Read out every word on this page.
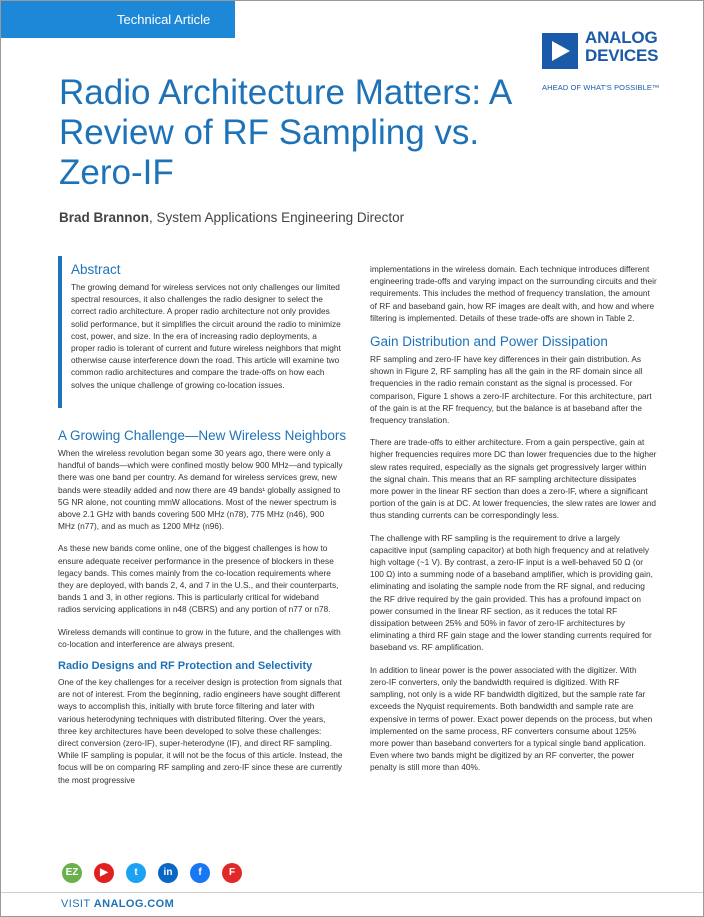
Technical Article
ANALOG
DEVICES
AHEAD OF WHAT'S POSSIBLE™
Radio Architecture Matters: A Review of RF Sampling vs. Zero-IF
Brad Brannon, System Applications Engineering Director
Abstract

The growing demand for wireless services not only challenges our limited spectral resources, it also challenges the radio designer to select the correct radio architecture. A proper radio architecture not only provides solid performance, but it simplifies the circuit around the radio to minimize cost, power, and size. In the era of increasing radio deployments, a proper radio is tolerant of current and future wireless neighbors that might otherwise cause interference down the road. This article will examine two common radio architectures and compare the trade-offs on how each solves the unique challenge of growing co-location issues.

A Growing Challenge—New Wireless Neighbors

When the wireless revolution began some 30 years ago, there were only a handful of bands—which were confined mostly below 900 MHz—and typically there was one band per country. As demand for wireless services grew, new bands were steadily added and now there are 49 bands¹ globally assigned to 5G NR alone, not counting mmW allocations. Most of the newer spectrum is above 2.1 GHz with bands covering 500 MHz (n78), 775 MHz (n46), 900 MHz (n77), and as much as 1200 MHz (n96).

As these new bands come online, one of the biggest challenges is how to ensure adequate receiver performance in the presence of blockers in these legacy bands. This comes mainly from the co-location requirements where they are deployed, with bands 2, 4, and 7 in the U.S., and their counterparts, bands 1 and 3, in other regions. This is particularly critical for wideband radios servicing applications in n48 (CBRS) and any portion of n77 or n78.

Wireless demands will continue to grow in the future, and the challenges with co-location and interference are always present.

Radio Designs and RF Protection and Selectivity

One of the key challenges for a receiver design is protection from signals that are not of interest. From the beginning, radio engineers have sought different ways to accomplish this, initially with brute force filtering and later with various heterodyning techniques with distributed filtering. Over the years, three key architectures have been developed to solve these challenges: direct conversion (zero-IF), super-heterodyne (IF), and direct RF sampling. While IF sampling is popular, it will not be the focus of this article. Instead, the focus will be on comparing RF sampling and zero-IF since these are currently the most progressive

implementations in the wireless domain. Each technique introduces different engineering trade-offs and varying impact on the surrounding circuits and their requirements. This includes the method of frequency translation, the amount of RF and baseband gain, how RF images are dealt with, and how and where filtering is implemented. Details of these trade-offs are shown in Table 2.

Gain Distribution and Power Dissipation

RF sampling and zero-IF have key differences in their gain distribution. As shown in Figure 2, RF sampling has all the gain in the RF domain since all frequencies in the radio remain constant as the signal is processed. For comparison, Figure 1 shows a zero-IF architecture. For this architecture, part of the gain is at the RF frequency, but the balance is at baseband after the frequency translation.

There are trade-offs to either architecture. From a gain perspective, gain at higher frequencies requires more DC than lower frequencies due to the higher slew rates required, especially as the signals get progressively larger within the signal chain. This means that an RF sampling architecture dissipates more power in the linear RF section than does a zero-IF, where a significant portion of the gain is at DC. At lower frequencies, the slew rates are lower and thus standing currents can be correspondingly less.

The challenge with RF sampling is the requirement to drive a largely capacitive input (sampling capacitor) at both high frequency and at relatively high voltage (~1 V). By contrast, a zero-IF input is a well-behaved 50 Ω (or 100 Ω) into a summing node of a baseband amplifier, which is providing gain, eliminating and isolating the sample node from the RF signal, and reducing the RF drive required by the gain provided. This has a profound impact on power consumed in the linear RF section, as it reduces the total RF dissipation between 25% and 50% in favor of zero-IF architectures by eliminating a third RF gain stage and the lower standing currents required for baseband vs. RF amplification.

In addition to linear power is the power associated with the digitizer. With zero-IF converters, only the bandwidth required is digitized. With RF sampling, not only is a wide RF bandwidth digitized, but the sample rate far exceeds the Nyquist requirements. Both bandwidth and sample rate are expensive in terms of power. Exact power depends on the process, but when implemented on the same process, RF converters consume about 125% more power than baseband converters for a typical single band application. Even where two bands might be digitized by an RF converter, the power penalty is still more than 40%.

EZ	▶	t	in	f	F
VISIT ANALOG.COM
